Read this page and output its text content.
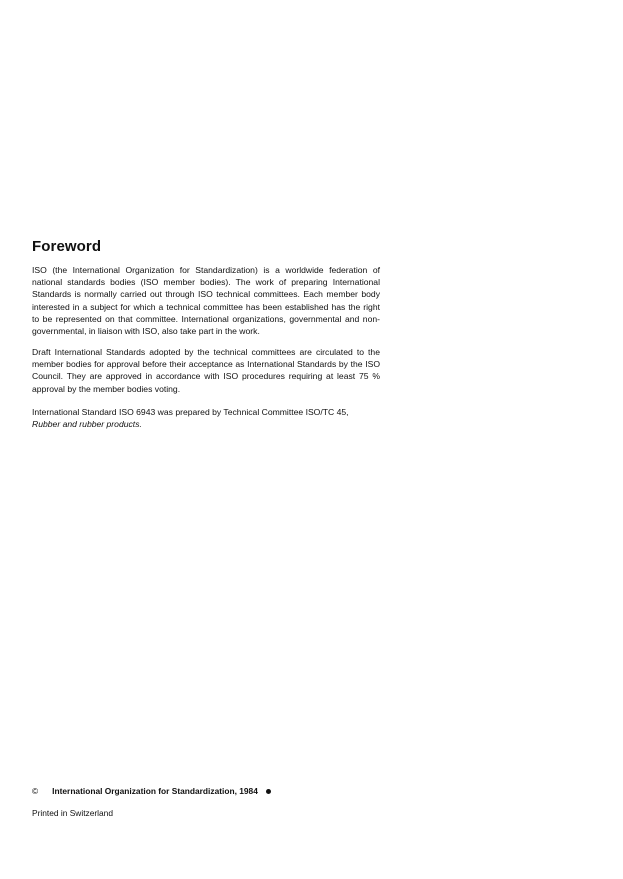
Foreword

ISO (the International Organization for Standardization) is a worldwide federation of national standards bodies (ISO member bodies). The work of preparing International Standards is normally carried out through ISO technical committees. Each member body interested in a subject for which a technical committee has been established has the right to be represented on that committee. International organizations, governmental and non-governmental, in liaison with ISO, also take part in the work.

Draft International Standards adopted by the technical committees are circulated to the member bodies for approval before their acceptance as International Standards by the ISO Council. They are approved in accordance with ISO procedures requiring at least 75 % approval by the member bodies voting.

International Standard ISO 6943 was prepared by Technical Committee ISO/TC 45,
Rubber and rubber products.

© International Organization for Standardization, 1984

Printed in Switzerland
